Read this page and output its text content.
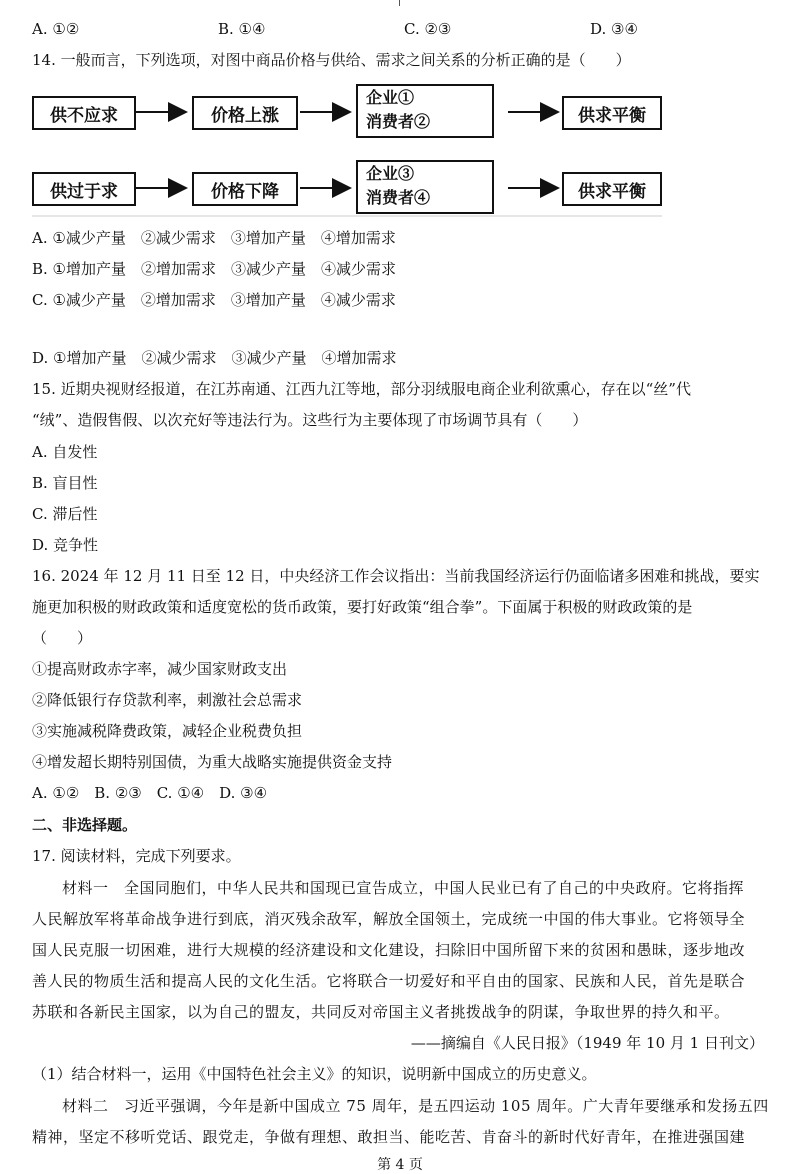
A. ①②	B. ①④	C. ②③	D. ③④
14. 一般而言，下列选项，对图中商品价格与供给、需求之间关系的分析正确的是（　　）
供不应求	价格上涨
企业①
消费者②	供求平衡
供过于求	价格下降
企业③
消费者④	供求平衡
A. ①减少产量　②减少需求　③增加产量　④增加需求
B. ①增加产量　②增加需求　③减少产量　④减少需求
C. ①减少产量　②增加需求　③增加产量　④减少需求
D. ①增加产量　②减少需求　③减少产量　④增加需求
15. 近期央视财经报道，在江苏南通、江西九江等地，部分羽绒服电商企业利欲熏心，存在以“丝”代
“绒”、造假售假、以次充好等违法行为。这些行为主要体现了市场调节具有（　　）
A. 自发性
B. 盲目性
C. 滞后性
D. 竞争性
16. 2024 年 12 月 11 日至 12 日，中央经济工作会议指出：当前我国经济运行仍面临诸多困难和挑战，要实
施更加积极的财政政策和适度宽松的货币政策，要打好政策“组合拳”。下面属于积极的财政政策的是
（　　）
①提高财政赤字率，减少国家财政支出
②降低银行存贷款利率，刺激社会总需求
③实施减税降费政策，减轻企业税费负担
④增发超长期特别国债，为重大战略实施提供资金支持
A. ①②　B. ②③　C. ①④　D. ③④
二、非选择题。
17. 阅读材料，完成下列要求。
材料一　全国同胞们，中华人民共和国现已宣告成立，中国人民业已有了自己的中央政府。它将指挥
人民解放军将革命战争进行到底，消灭残余敌军，解放全国领土，完成统一中国的伟大事业。它将领导全
国人民克服一切困难，进行大规模的经济建设和文化建设，扫除旧中国所留下来的贫困和愚昧，逐步地改
善人民的物质生活和提高人民的文化生活。它将联合一切爱好和平自由的国家、民族和人民，首先是联合
苏联和各新民主国家，以为自己的盟友，共同反对帝国主义者挑拨战争的阴谋，争取世界的持久和平。
——摘编自《人民日报》（1949 年 10 月 1 日刊文）
（1）结合材料一，运用《中国特色社会主义》的知识，说明新中国成立的历史意义。
材料二　习近平强调，今年是新中国成立 75 周年，是五四运动 105 周年。广大青年要继承和发扬五四
精神，坚定不移听党话、跟党走，争做有理想、敢担当、能吃苦、肯奋斗的新时代好青年，在推进强国建
第 4 页
